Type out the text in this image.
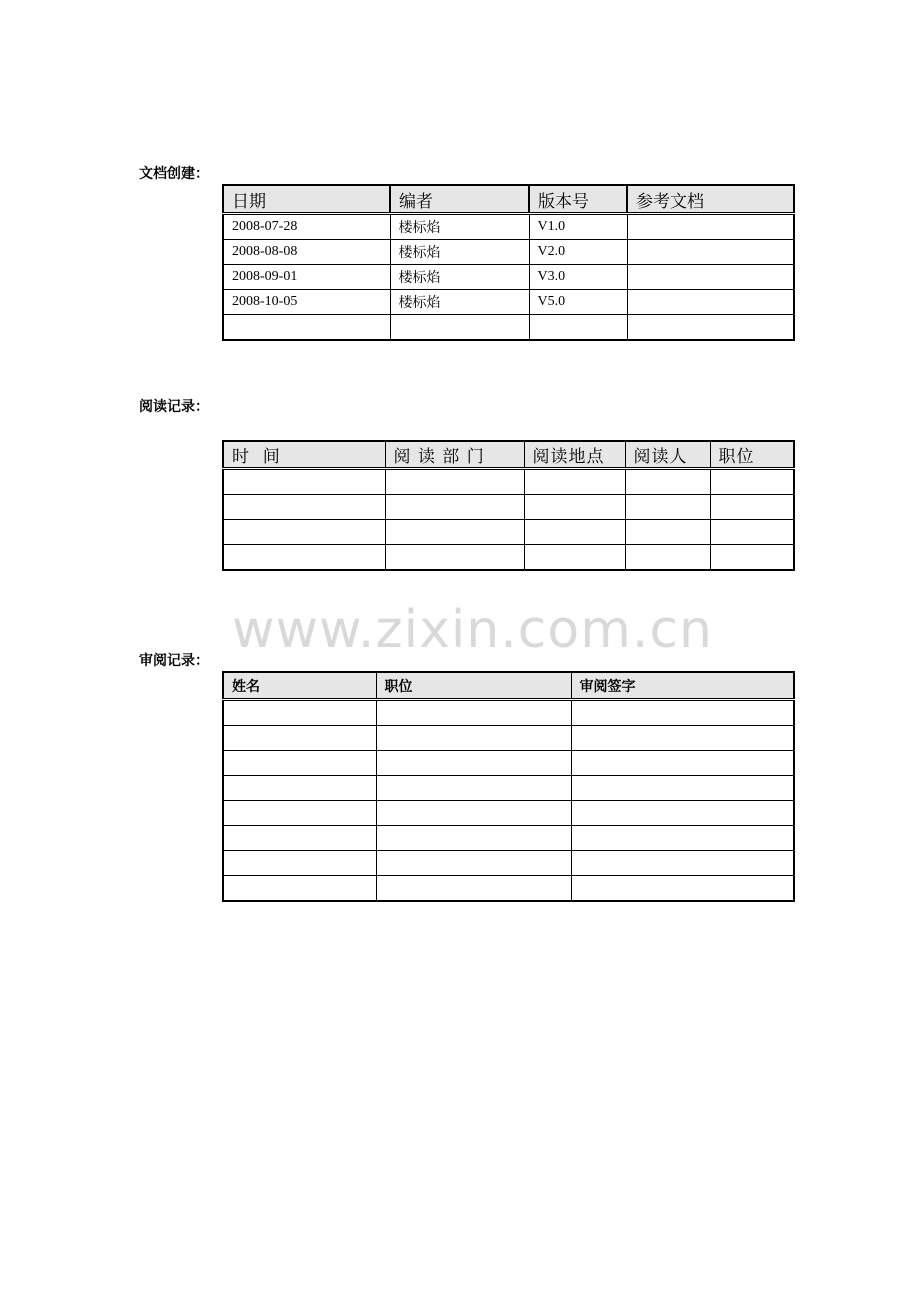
文档创建：
日期	编者	版本号	参考文档
2008-07-28	楼标焰	V1.0	
2008-08-08	楼标焰	V2.0	
2008-09-01	楼标焰	V3.0	
2008-10-05	楼标焰	V5.0	

阅读记录：
时  间	阅 读 部 门	阅读地点	阅读人	职位

www.zixin.com.cn
审阅记录：
姓名	职位	审阅签字
